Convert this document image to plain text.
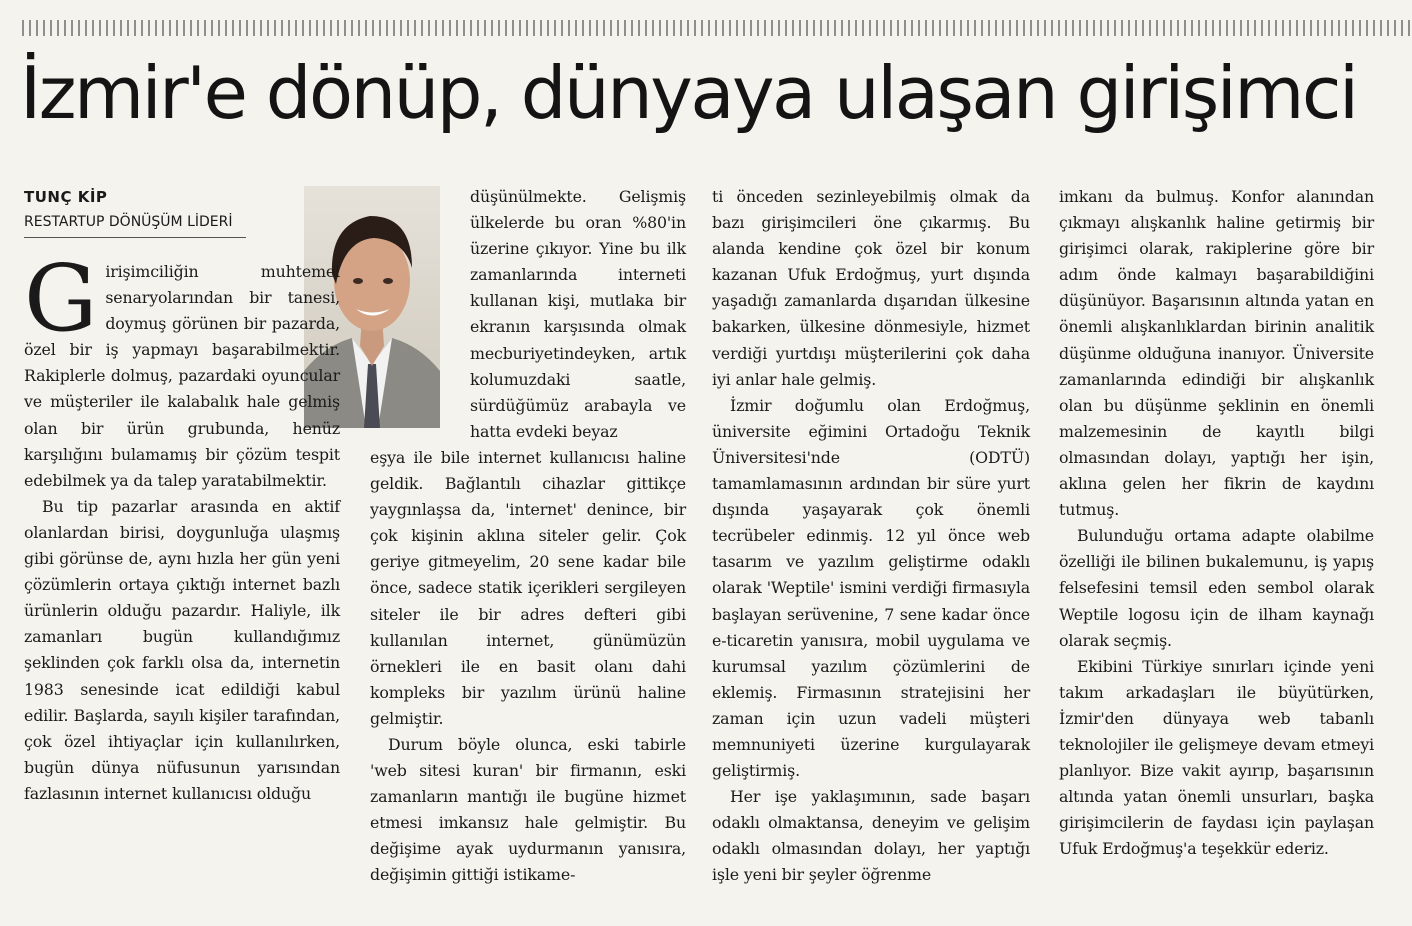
İzmir'e dönüp, dünyaya ulaşan girişimci
TUNÇ KİP
RESTARTUP DÖNÜŞÜM LİDERİ

Girişimciliğin muhtemel senaryolarından bir tanesi, doymuş görünen bir pazarda, özel bir iş yapmayı başarabilmektir. Rakiplerle dolmuş, pazardaki oyuncular ve müşteriler ile kalabalık hale gelmiş olan bir ürün grubunda, henüz karşılığını bulamamış bir çözüm tespit edebilmek ya da talep yaratabilmektir.

Bu tip pazarlar arasında en aktif olanlardan birisi, doygunluğa ulaşmış gibi görünse de, aynı hızla her gün yeni çözümlerin ortaya çıktığı internet bazlı ürünlerin olduğu pazardır. Haliyle, ilk zamanları bugün kullandığımız şeklinden çok farklı olsa da, internetin 1983 senesinde icat edildiği kabul edilir. Başlarda, sayılı kişiler tarafından, çok özel ihtiyaçlar için kullanılırken, bugün dünya nüfusunun yarısından fazlasının internet kullanıcısı olduğu

düşünülmekte. Gelişmiş ülkelerde bu oran %80'in üzerine çıkıyor. Yine bu ilk zamanlarında interneti kullanan kişi, mutlaka bir ekranın karşısında olmak mecburiyetindeyken, artık kolumuzdaki saatle, sürdüğümüz arabayla ve hatta evdeki beyaz

eşya ile bile internet kullanıcısı haline geldik. Bağlantılı cihazlar gittikçe yaygınlaşsa da, 'internet' denince, bir çok kişinin aklına siteler gelir. Çok geriye gitmeyelim, 20 sene kadar bile önce, sadece statik içerikleri sergileyen siteler ile bir adres defteri gibi kullanılan internet, günümüzün örnekleri ile en basit olanı dahi kompleks bir yazılım ürünü haline gelmiştir.

Durum böyle olunca, eski tabirle 'web sitesi kuran' bir firmanın, eski zamanların mantığı ile bugüne hizmet etmesi imkansız hale gelmiştir. Bu değişime ayak uydurmanın yanısıra, değişimin gittiği istikame-

ti önceden sezinleyebilmiş olmak da bazı girişimcileri öne çıkarmış. Bu alanda kendine çok özel bir konum kazanan Ufuk Erdoğmuş, yurt dışında yaşadığı zamanlarda dışarıdan ülkesine bakarken, ülkesine dönmesiyle, hizmet verdiği yurtdışı müşterilerini çok daha iyi anlar hale gelmiş.

İzmir doğumlu olan Erdoğmuş, üniversite eğimini Ortadoğu Teknik Üniversitesi'nde (ODTÜ) tamamlamasının ardından bir süre yurt dışında yaşayarak çok önemli tecrübeler edinmiş. 12 yıl önce web tasarım ve yazılım geliştirme odaklı olarak 'Weptile' ismini verdiği firmasıyla başlayan serüvenine, 7 sene kadar önce e-ticaretin yanısıra, mobil uygulama ve kurumsal yazılım çözümlerini de eklemiş. Firmasının stratejisini her zaman için uzun vadeli müşteri memnuniyeti üzerine kurgulayarak geliştirmiş.

Her işe yaklaşımının, sade başarı odaklı olmaktansa, deneyim ve gelişim odaklı olmasından dolayı, her yaptığı işle yeni bir şeyler öğrenme

imkanı da bulmuş. Konfor alanından çıkmayı alışkanlık haline getirmiş bir girişimci olarak, rakiplerine göre bir adım önde kalmayı başarabildiğini düşünüyor. Başarısının altında yatan en önemli alışkanlıklardan birinin analitik düşünme olduğuna inanıyor. Üniversite zamanlarında edindiği bir alışkanlık olan bu düşünme şeklinin en önemli malzemesinin de kayıtlı bilgi olmasından dolayı, yaptığı her işin, aklına gelen her fikrin de kaydını tutmuş.

Bulunduğu ortama adapte olabilme özelliği ile bilinen bukalemunu, iş yapış felsefesini temsil eden sembol olarak Weptile logosu için de ilham kaynağı olarak seçmiş.

Ekibini Türkiye sınırları içinde yeni takım arkadaşları ile büyütürken, İzmir'den dünyaya web tabanlı teknolojiler ile gelişmeye devam etmeyi planlıyor. Bize vakit ayırıp, başarısının altında yatan önemli unsurları, başka girişimcilerin de faydası için paylaşan Ufuk Erdoğmuş'a teşekkür ederiz.
